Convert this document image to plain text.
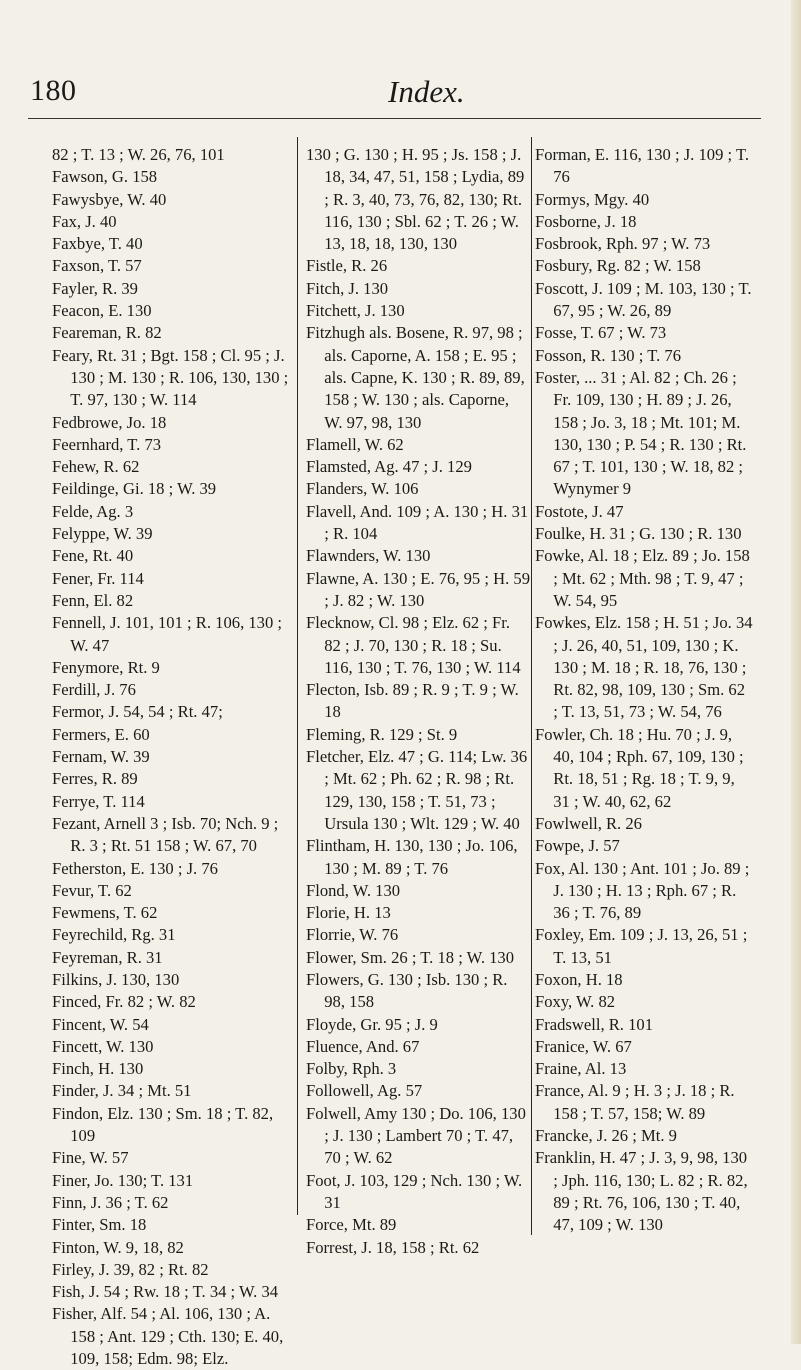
180	Index.

82 ; T. 13 ; W. 26, 76, 101

Fawson, G. 158

Fawysbye, W. 40

Fax, J. 40

Faxbye, T. 40

Faxson, T. 57

Fayler, R. 39

Feacon, E. 130

Feareman, R. 82

Feary, Rt. 31 ; Bgt. 158 ; Cl. 95 ; J. 130 ; M. 130 ; R. 106, 130, 130 ; T. 97, 130 ; W. 114

Fedbrowe, Jo. 18

Feernhard, T. 73

Fehew, R. 62

Feildinge, Gi. 18 ; W. 39

Felde, Ag. 3

Felyppe, W. 39

Fene, Rt. 40

Fener, Fr. 114

Fenn, El. 82

Fennell, J. 101, 101 ; R. 106, 130 ; W. 47

Fenymore, Rt. 9

Ferdill, J. 76

Fermor, J. 54, 54 ; Rt. 47;

Fermers, E. 60

Fernam, W. 39

Ferres, R. 89

Ferrye, T. 114

Fezant, Arnell 3 ; Isb. 70; Nch. 9 ; R. 3 ; Rt. 51 158 ; W. 67, 70

Fetherston, E. 130 ; J. 76

Fevur, T. 62

Fewmens, T. 62

Feyrechild, Rg. 31

Feyreman, R. 31

Filkins, J. 130, 130

Finced, Fr. 82 ; W. 82

Fincent, W. 54

Fincett, W. 130

Finch, H. 130

Finder, J. 34 ; Mt. 51

Findon, Elz. 130 ; Sm. 18 ; T. 82, 109

Fine, W. 57

Finer, Jo. 130; T. 131

Finn, J. 36 ; T. 62

Finter, Sm. 18

Finton, W. 9, 18, 82

Firley, J. 39, 82 ; Rt. 82

Fish, J. 54 ; Rw. 18 ; T. 34 ; W. 34

Fisher, Alf. 54 ; Al. 106, 130 ; A. 158 ; Ant. 129 ; Cth. 130; E. 40, 109, 158; Edm. 98; Elz.

130 ; G. 130 ; H. 95 ; Js. 158 ; J. 18, 34, 47, 51, 158 ; Lydia, 89 ; R. 3, 40, 73, 76, 82, 130; Rt. 116, 130 ; Sbl. 62 ; T. 26 ; W. 13, 18, 18, 130, 130

Fistle, R. 26

Fitch, J. 130

Fitchett, J. 130

Fitzhugh als. Bosene, R. 97, 98 ; als. Caporne, A. 158 ; E. 95 ; als. Capne, K. 130 ; R. 89, 89, 158 ; W. 130 ; als. Caporne, W. 97, 98, 130

Flamell, W. 62

Flamsted, Ag. 47 ; J. 129

Flanders, W. 106

Flavell, And. 109 ; A. 130 ; H. 31 ; R. 104

Flawnders, W. 130

Flawne, A. 130 ; E. 76, 95 ; H. 59 ; J. 82 ; W. 130

Flecknow, Cl. 98 ; Elz. 62 ; Fr. 82 ; J. 70, 130 ; R. 18 ; Su. 116, 130 ; T. 76, 130 ; W. 114

Flecton, Isb. 89 ; R. 9 ; T. 9 ; W. 18

Fleming, R. 129 ; St. 9

Fletcher, Elz. 47 ; G. 114; Lw. 36 ; Mt. 62 ; Ph. 62 ; R. 98 ; Rt. 129, 130, 158 ; T. 51, 73 ; Ursula 130 ; Wlt. 129 ; W. 40

Flintham, H. 130, 130 ; Jo. 106, 130 ; M. 89 ; T. 76

Flond, W. 130

Florie, H. 13

Florrie, W. 76

Flower, Sm. 26 ; T. 18 ; W. 130

Flowers, G. 130 ; Isb. 130 ; R. 98, 158

Floyde, Gr. 95 ; J. 9

Fluence, And. 67

Folby, Rph. 3

Followell, Ag. 57

Folwell, Amy 130 ; Do. 106, 130 ; J. 130 ; Lambert 70 ; T. 47, 70 ; W. 62

Foot, J. 103, 129 ; Nch. 130 ; W. 31

Force, Mt. 89

Forrest, J. 18, 158 ; Rt. 62

Forman, E. 116, 130 ; J. 109 ; T. 76

Formys, Mgy. 40

Fosborne, J. 18

Fosbrook, Rph. 97 ; W. 73

Fosbury, Rg. 82 ; W. 158

Foscott, J. 109 ; M. 103, 130 ; T. 67, 95 ; W. 26, 89

Fosse, T. 67 ; W. 73

Fosson, R. 130 ; T. 76

Foster, ... 31 ; Al. 82 ; Ch. 26 ; Fr. 109, 130 ; H. 89 ; J. 26, 158 ; Jo. 3, 18 ; Mt. 101; M. 130, 130 ; P. 54 ; R. 130 ; Rt. 67 ; T. 101, 130 ; W. 18, 82 ; Wynymer 9

Fostote, J. 47

Foulke, H. 31 ; G. 130 ; R. 130

Fowke, Al. 18 ; Elz. 89 ; Jo. 158 ; Mt. 62 ; Mth. 98 ; T. 9, 47 ; W. 54, 95

Fowkes, Elz. 158 ; H. 51 ; Jo. 34 ; J. 26, 40, 51, 109, 130 ; K. 130 ; M. 18 ; R. 18, 76, 130 ; Rt. 82, 98, 109, 130 ; Sm. 62 ; T. 13, 51, 73 ; W. 54, 76

Fowler, Ch. 18 ; Hu. 70 ; J. 9, 40, 104 ; Rph. 67, 109, 130 ; Rt. 18, 51 ; Rg. 18 ; T. 9, 9, 31 ; W. 40, 62, 62

Fowlwell, R. 26

Fowpe, J. 57

Fox, Al. 130 ; Ant. 101 ; Jo. 89 ; J. 130 ; H. 13 ; Rph. 67 ; R. 36 ; T. 76, 89

Foxley, Em. 109 ; J. 13, 26, 51 ; T. 13, 51

Foxon, H. 18

Foxy, W. 82

Fradswell, R. 101

Franice, W. 67

Fraine, Al. 13

France, Al. 9 ; H. 3 ; J. 18 ; R. 158 ; T. 57, 158; W. 89

Francke, J. 26 ; Mt. 9

Franklin, H. 47 ; J. 3, 9, 98, 130 ; Jph. 116, 130; L. 82 ; R. 82, 89 ; Rt. 76, 106, 130 ; T. 40, 47, 109 ; W. 130
